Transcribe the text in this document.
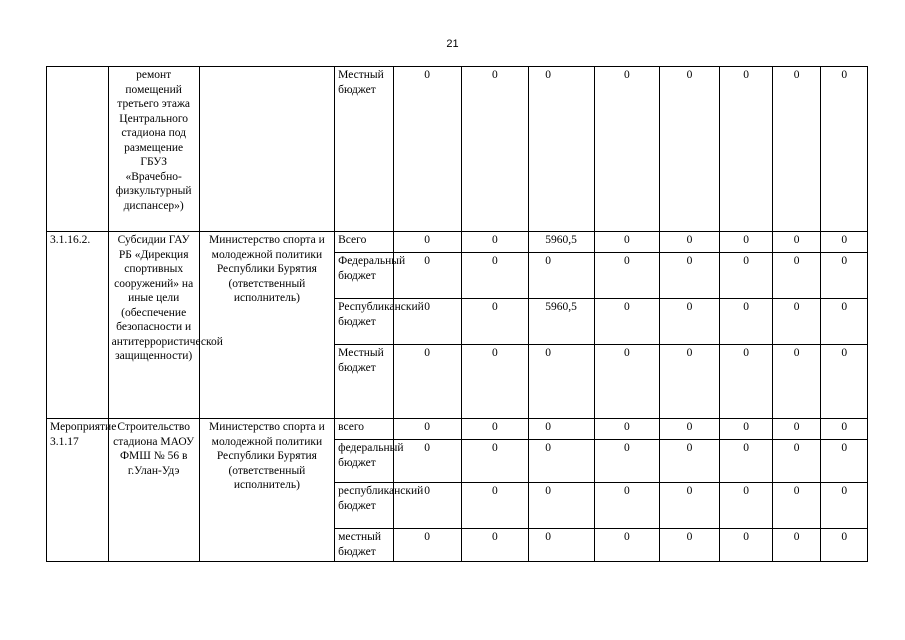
21
	ремонт помещений третьего этажа Центрального стадиона под размещение ГБУЗ «Врачебно-физкультурный диспансер»)		Местный бюджет	0	0	0	0	0	0	0	0
3.1.16.2.	Субсидии ГАУ РБ «Дирекция спортивных сооружений» на иные цели (обеспечение безопасности и антитеррористической защищенности)	Министерство спорта и молодежной политики Республики Бурятия (ответственный исполнитель)	Всего	0	0	5960,5	0	0	0	0	0
			Федеральный бюджет	0	0	0	0	0	0	0	0
			Республиканский бюджет	0	0	5960,5	0	0	0	0	0
			Местный бюджет	0	0	0	0	0	0	0	0
Мероприятие 3.1.17	Строительство стадиона МАОУ ФМШ № 56 в г.Улан-Удэ	Министерство спорта и молодежной политики Республики Бурятия (ответственный исполнитель)	всего	0	0	0	0	0	0	0	0
			федеральный бюджет	0	0	0	0	0	0	0	0
			республиканский бюджет	0	0	0	0	0	0	0	0
			местный бюджет	0	0	0	0	0	0	0	0
